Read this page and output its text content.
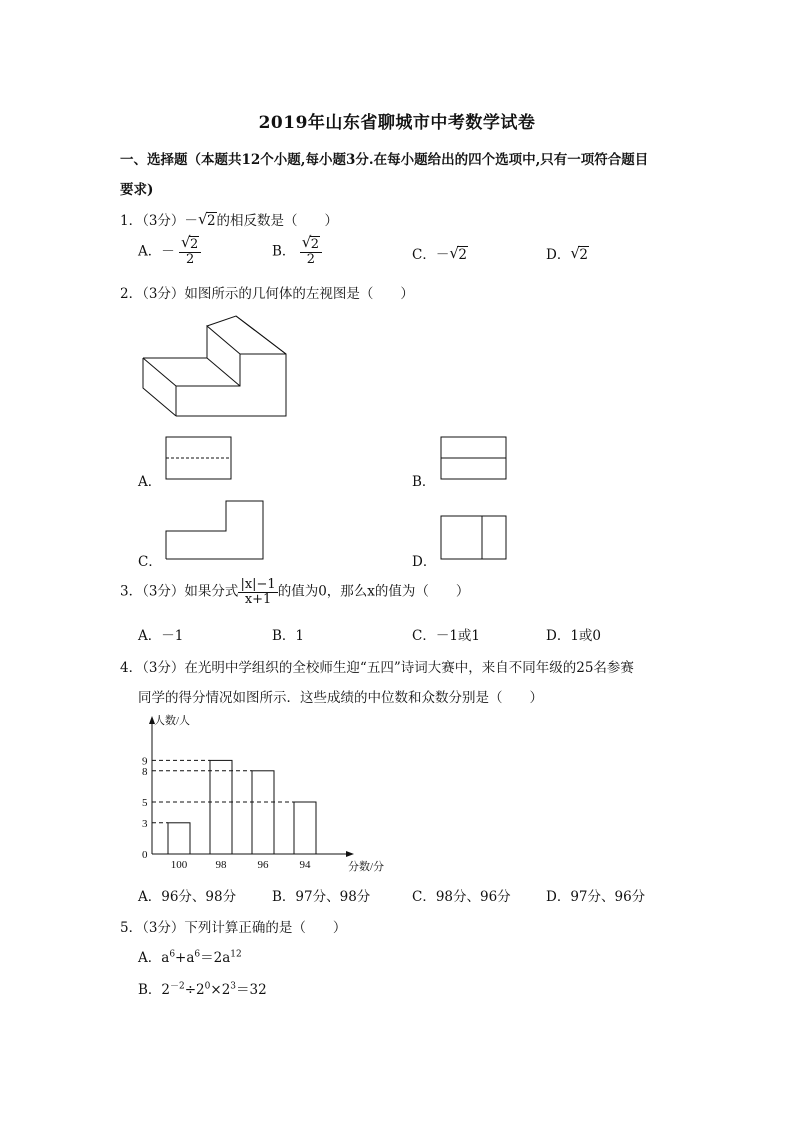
2019年山东省聊城市中考数学试卷
一、选择题（本题共12个小题,每小题3分.在每小题给出的四个选项中,只有一项符合题目
要求)
1．（3分）－ √ 2的相反数是（　　）
A．－ $\frac{√ 2}{2}$	B． $\frac{√ 2}{2}$	C．－ √ 2	D． √ 2
2．（3分）如图所示的几何体的左视图是（　　）
A．	B．
C．	D．
3．（3分）如果分式 $\frac{|x|-1}{x+1}$ 的值为0，那么x的值为（　　）
A．－1	B．1	C．－1或1	D．1或0
4．（3分）在光明中学组织的全校师生迎“五四”诗词大赛中，来自不同年级的25名参赛
同学的得分情况如图所示．这些成绩的中位数和众数分别是（　　）
人数/人
分数/分
0
3
5
8
9
100	98	96	94
A．96分、98分	B．97分、98分	C．98分、96分	D．97分、96分
5．（3分）下列计算正确的是（　　）
A．$a^6+a^6=2a^{12}$
B．$2^{-2}\div 2^0\times 2^3=32$
